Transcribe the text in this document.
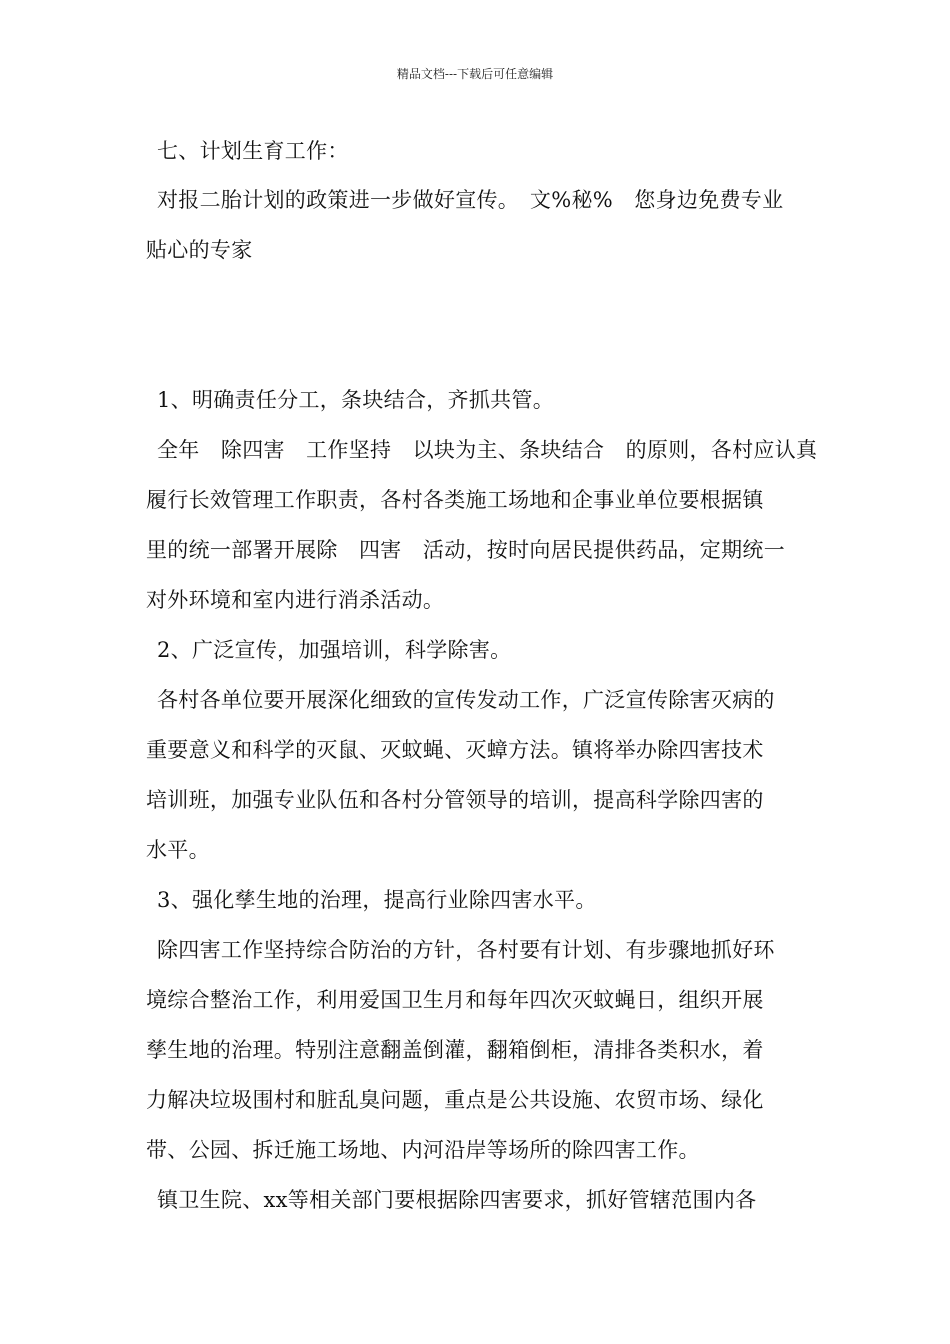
精品文档---下载后可任意编辑
七、计划生育工作：
对报二胎计划的政策进一步做好宣传。　文%秘%　您身边免费专业
贴心的专家
1、明确责任分工，条块结合，齐抓共管。
全年　除四害　工作坚持　以块为主、条块结合　的原则，各村应认真
履行长效管理工作职责，各村各类施工场地和企事业单位要根据镇
里的统一部署开展除　四害　活动，按时向居民提供药品，定期统一
对外环境和室内进行消杀活动。
2、广泛宣传，加强培训，科学除害。
各村各单位要开展深化细致的宣传发动工作，广泛宣传除害灭病的
重要意义和科学的灭鼠、灭蚊蝇、灭蟑方法。镇将举办除四害技术
培训班，加强专业队伍和各村分管领导的培训，提高科学除四害的
水平。
3、强化孳生地的治理，提高行业除四害水平。
除四害工作坚持综合防治的方针，各村要有计划、有步骤地抓好环
境综合整治工作，利用爱国卫生月和每年四次灭蚊蝇日，组织开展
孳生地的治理。特别注意翻盖倒灌，翻箱倒柜，清排各类积水，着
力解决垃圾围村和脏乱臭问题，重点是公共设施、农贸市场、绿化
带、公园、拆迁施工场地、内河沿岸等场所的除四害工作。
镇卫生院、xx等相关部门要根据除四害要求，抓好管辖范围内各
